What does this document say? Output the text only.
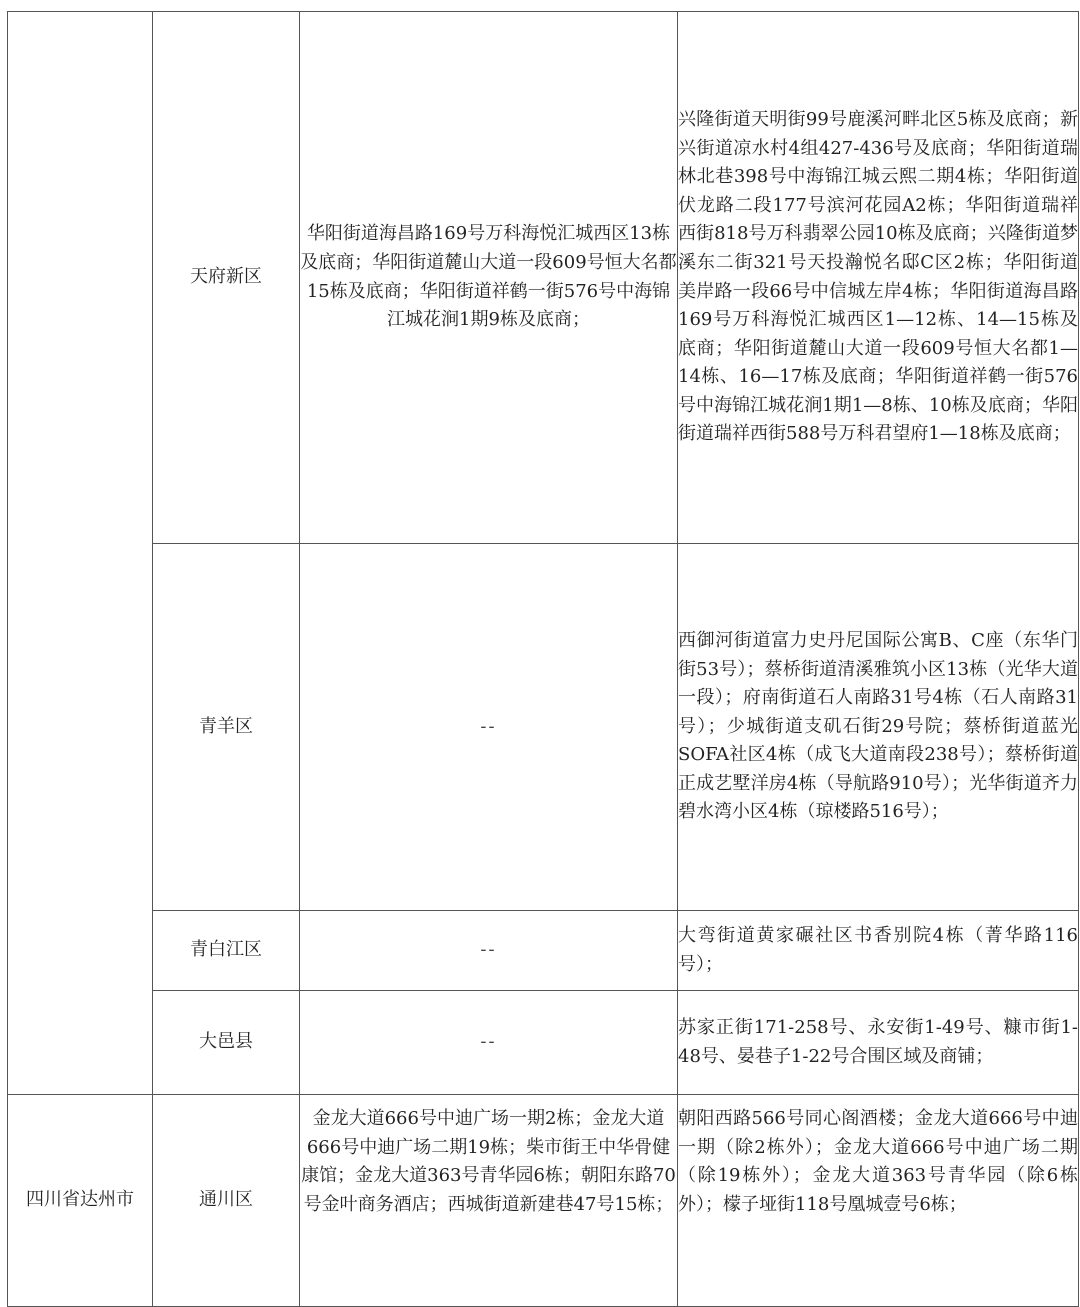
	天府新区	华阳街道海昌路169号万科海悦汇城西区13栋及底商；华阳街道麓山大道一段609号恒大名都15栋及底商；华阳街道祥鹤一街576号中海锦江城花涧1期9栋及底商；	兴隆街道天明街99号鹿溪河畔北区5栋及底商；新兴街道凉水村4组427-436号及底商；华阳街道瑞林北巷398号中海锦江城云熙二期4栋；华阳街道伏龙路二段177号滨河花园A2栋；华阳街道瑞祥西街818号万科翡翠公园10栋及底商；兴隆街道梦溪东二街321号天投瀚悦名邸C区2栋；华阳街道美岸路一段66号中信城左岸4栋；华阳街道海昌路169号万科海悦汇城西区1—12栋、14—15栋及底商；华阳街道麓山大道一段609号恒大名都1—14栋、16—17栋及底商；华阳街道祥鹤一街576号中海锦江城花涧1期1—8栋、10栋及底商；华阳街道瑞祥西街588号万科君望府1—18栋及底商；
	青羊区	--	西御河街道富力史丹尼国际公寓B、C座（东华门街53号）；蔡桥街道清溪雅筑小区13栋（光华大道一段）；府南街道石人南路31号4栋（石人南路31号）；少城街道支矶石街29号院；蔡桥街道蓝光SOFA社区4栋（成飞大道南段238号）；蔡桥街道正成艺墅洋房4栋（导航路910号）；光华街道齐力碧水湾小区4栋（琼楼路516号）；
	青白江区	--	大弯街道黄家碾社区书香别院4栋（菁华路116号）；
	大邑县	--	苏家正街171-258号、永安街1-49号、糠市街1-48号、晏巷子1-22号合围区域及商铺；
四川省达州市	通川区	金龙大道666号中迪广场一期2栋；金龙大道666号中迪广场二期19栋；柴市街王中华骨健康馆；金龙大道363号青华园6栋；朝阳东路70号金叶商务酒店；西城街道新建巷47号15栋；	朝阳西路566号同心阁酒楼；金龙大道666号中迪一期（除2栋外）；金龙大道666号中迪广场二期（除19栋外）；金龙大道363号青华园（除6栋外）；檬子垭街118号凰城壹号6栋；
